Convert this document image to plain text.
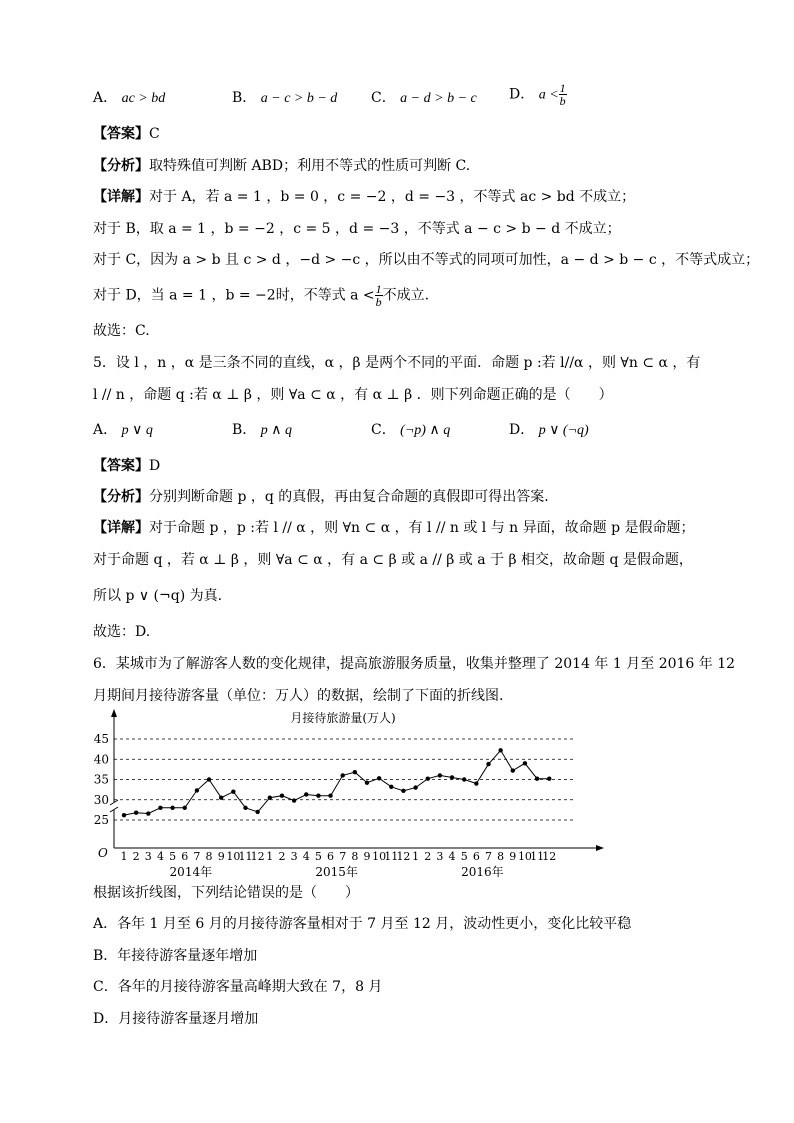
A． ac > bd	B． a − c > b − d C． a − d > b − c D． $a < \frac{1}{b}$
【答案】C
【分析】取特殊值可判断 ABD；利用不等式的性质可判断 C.
【详解】对于 A，若 a = 1 ，b = 0 ，c = −2 ，d = −3 ，不等式 ac > bd 不成立；
对于 B，取 a = 1 ，b = −2 ，c = 5 ，d = −3 ，不等式 a − c > b − d 不成立；
对于 C，因为 a > b 且 c > d ，−d > −c ，所以由不等式的同项可加性，a − d > b − c ，不等式成立；
对于 D，当 a = 1 ，b = −2时，不等式 $a < \frac{1}{b}$ 不成立.
故选：C.
5．设 l ，n ，α 是三条不同的直线，α ，β 是两个不同的平面．命题 p :若 l//α ，则 ∀n ⊂ α ，有
l // n ，命题 q :若 α ⊥ β ，则 ∀a ⊂ α ，有 α ⊥ β ．则下列命题正确的是（　　）
A． p ∨ q	B． p ∧ q	C． (¬p) ∧ q	D． p ∨ (¬q)
【答案】D
【分析】分别判断命题 p ，q 的真假，再由复合命题的真假即可得出答案.
【详解】对于命题 p ，p :若 l // α ，则 ∀n ⊂ α ，有 l // n 或 l 与 n 异面，故命题 p 是假命题；
对于命题 q ，若 α ⊥ β ，则 ∀a ⊂ α ，有 a ⊂ β 或 a // β 或 a 于 β 相交，故命题 q 是假命题，
所以 p ∨ (¬q) 为真.
故选：D.
6．某城市为了解游客人数的变化规律，提高旅游服务质量，收集并整理了 2014 年 1 月至 2016 年 12
月期间月接待游客量（单位：万人）的数据，绘制了下面的折线图.
月接待旅游量(万人)
O
25
30
35
40
45
1 2 3 4 5 6 7 8 9 10
11
12 1 2 3 4 5 6 7 8 9 10
11
12 1 2 3 4 5 6 7 8 9 10
11
12
2014年	2015年	2016年
根据该折线图，下列结论错误的是（　　）
A．各年 1 月至 6 月的月接待游客量相对于 7 月至 12 月，波动性更小，变化比较平稳
B．年接待游客量逐年增加
C．各年的月接待游客量高峰期大致在 7，8 月
D．月接待游客量逐月增加
